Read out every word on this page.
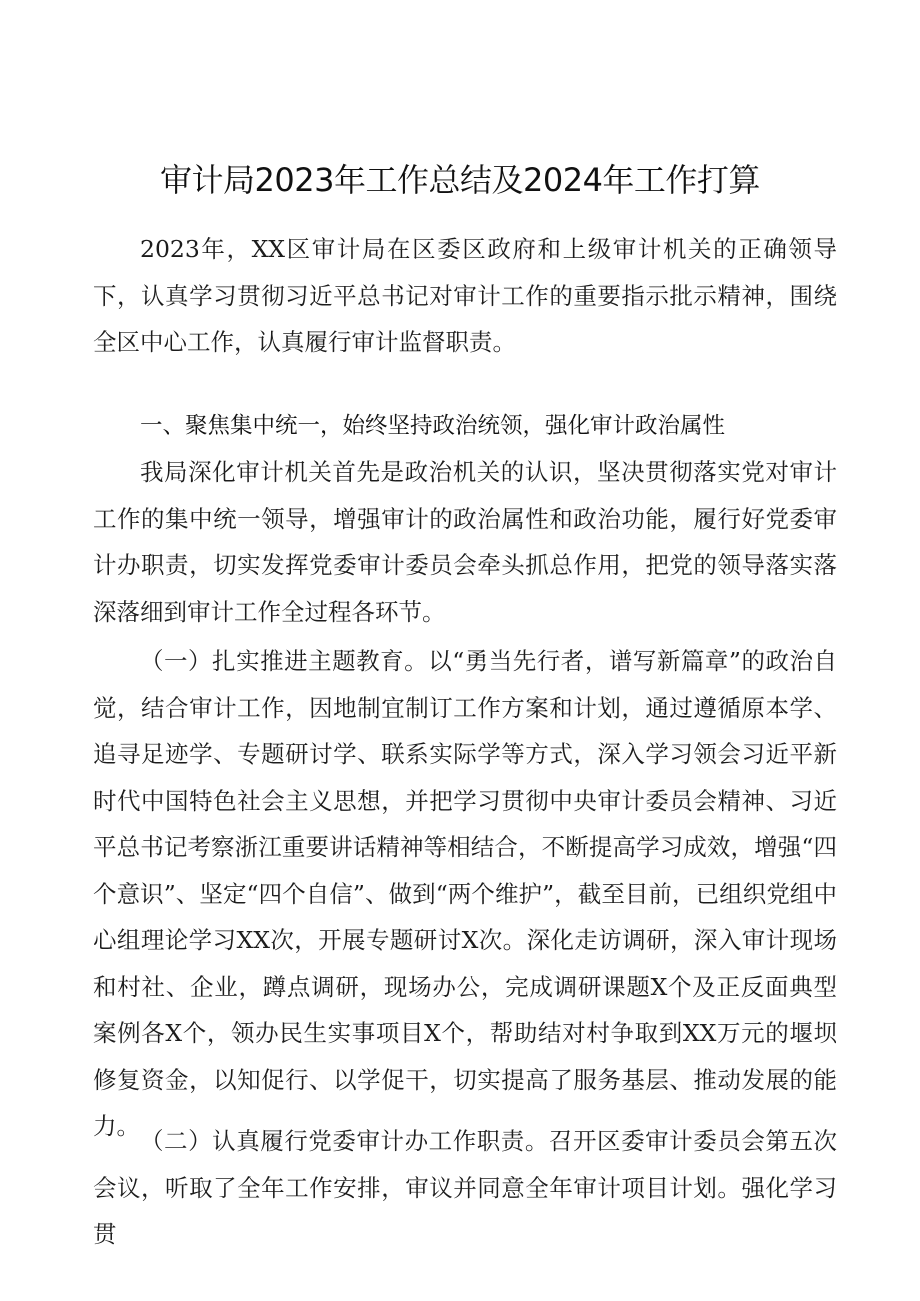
审计局2023年工作总结及2024年工作打算

2023年，XX区审计局在区委区政府和上级审计机关的正确领导下，认真学习贯彻习近平总书记对审计工作的重要指示批示精神，围绕全区中心工作，认真履行审计监督职责。

一、聚焦集中统一，始终坚持政治统领，强化审计政治属性

我局深化审计机关首先是政治机关的认识，坚决贯彻落实党对审计工作的集中统一领导，增强审计的政治属性和政治功能，履行好党委审计办职责，切实发挥党委审计委员会牵头抓总作用，把党的领导落实落深落细到审计工作全过程各环节。

（一）扎实推进主题教育。以“勇当先行者，谱写新篇章”的政治自觉，结合审计工作，因地制宜制订工作方案和计划，通过遵循原本学、追寻足迹学、专题研讨学、联系实际学等方式，深入学习领会习近平新时代中国特色社会主义思想，并把学习贯彻中央审计委员会精神、习近平总书记考察浙江重要讲话精神等相结合，不断提高学习成效，增强“四个意识”、坚定“四个自信”、做到“两个维护”，截至目前，已组织党组中心组理论学习XX次，开展专题研讨X次。深化走访调研，深入审计现场和村社、企业，蹲点调研，现场办公，完成调研课题X个及正反面典型案例各X个，领办民生实事项目X个，帮助结对村争取到XX万元的堰坝修复资金，以知促行、以学促干，切实提高了服务基层、推动发展的能力。

（二）认真履行党委审计办工作职责。召开区委审计委员会第五次会议，听取了全年工作安排，审议并同意全年审计项目计划。强化学习贯
